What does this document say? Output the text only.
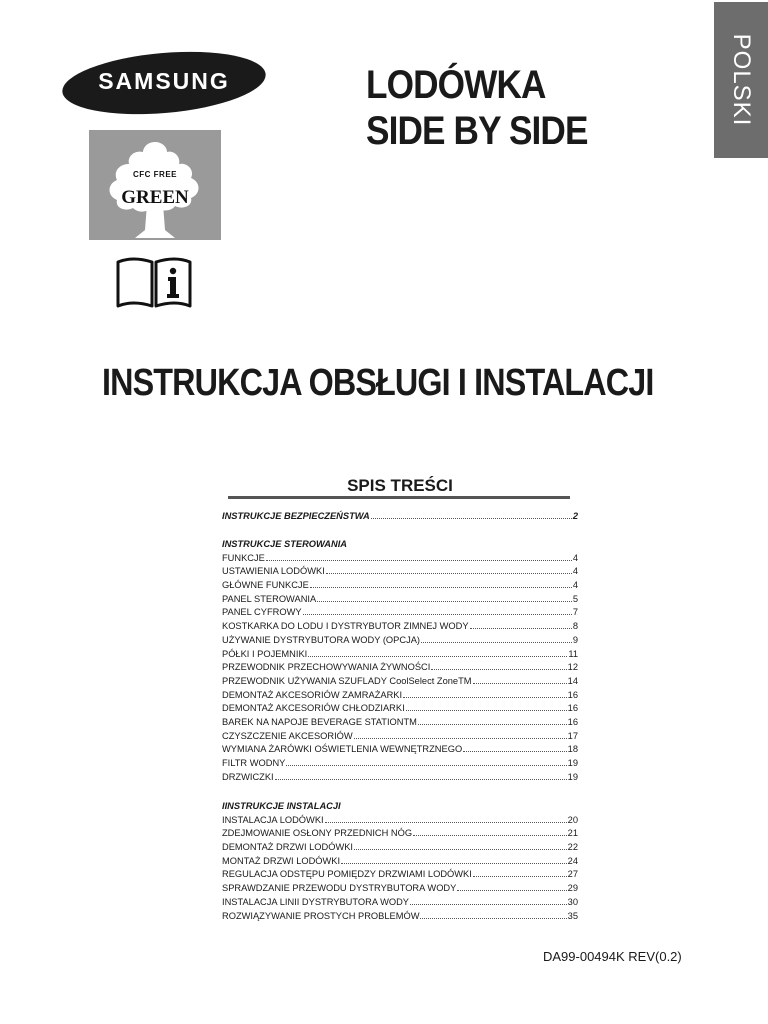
SAMSUNG	LODÓWKA
SIDE BY SIDE
POLSKI
CFC FREE
GREEN
INSTRUKCJA OBSŁUGI I INSTALACJI
SPIS TREŚCI
INSTRUKCJE BEZPIECZEŃSTWA	2
INSTRUKCJE STEROWANIA
FUNKCJE	4
USTAWIENIA LODÓWKI	4
GŁÓWNE FUNKCJE	4
PANEL STEROWANIA	5
PANEL CYFROWY	7
KOSTKARKA DO LODU I DYSTRYBUTOR ZIMNEJ WODY	8
UŻYWANIE DYSTRYBUTORA WODY (OPCJA)	9
PÓŁKI I POJEMNIKI	11
PRZEWODNIK PRZECHOWYWANIA ŻYWNOŚCI	12
PRZEWODNIK UŻYWANIA SZUFLADY CoolSelect ZoneTM	14
DEMONTAŻ AKCESORIÓW ZAMRAŻARKI	16
DEMONTAŻ AKCESORIÓW CHŁODZIARKI	16
BAREK NA NAPOJE BEVERAGE STATIONTM	16
CZYSZCZENIE AKCESORIÓW	17
WYMIANA ŻARÓWKI OŚWIETLENIA WEWNĘTRZNEGO	18
FILTR WODNY	19
DRZWICZKI	19
IINSTRUKCJE INSTALACJI
INSTALACJA LODÓWKI	20
ZDEJMOWANIE OSŁONY PRZEDNICH NÓG	21
DEMONTAŻ DRZWI LODÓWKI	22
MONTAŻ DRZWI LODÓWKI	24
REGULACJA ODSTĘPU POMIĘDZY DRZWIAMI LODÓWKI	27
SPRAWDZANIE PRZEWODU DYSTRYBUTORA WODY	29
INSTALACJA LINII DYSTRYBUTORA WODY	30
ROZWIĄZYWANIE PROSTYCH PROBLEMÓW	35
DA99-00494K REV(0.2)
